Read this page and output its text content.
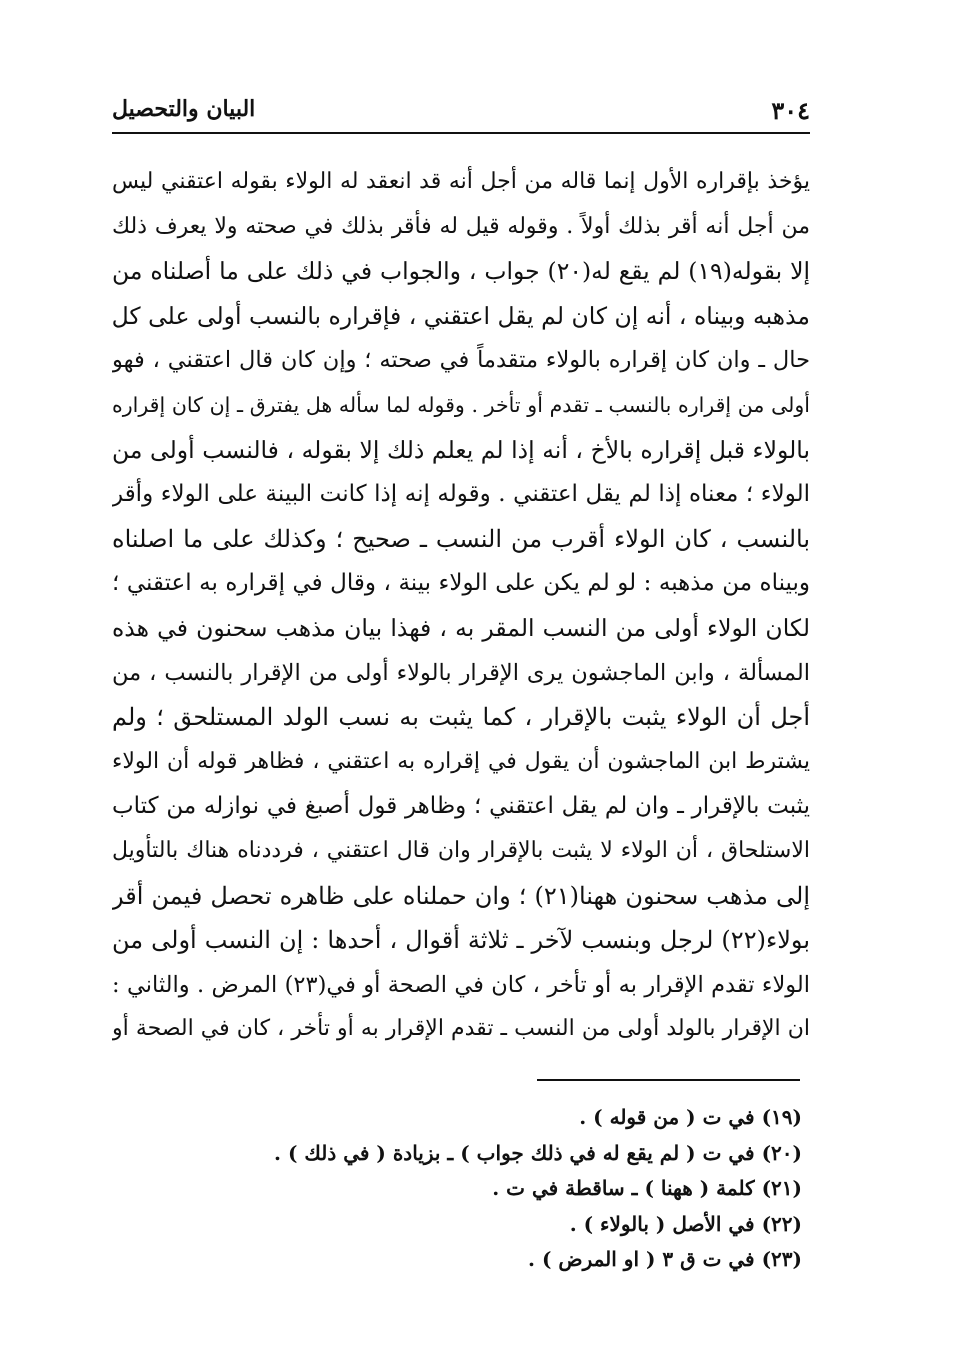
٣٠٤
البيان والتحصيل
يؤخذ بإقراره الأول إنما قاله من أجل أنه قد انعقد له الولاء بقوله اعتقني ليس
من أجل أنه أقر بذلك أولاً . وقوله قيل له فأقر بذلك في صحته ولا يعرف ذلك
إلا بقوله(١٩) لم يقع له(٢٠) جواب ، والجواب في ذلك على ما أصلناه من
مذهبه وبيناه ، أنه إن كان لم يقل اعتقني ، فإقراره بالنسب أولى على كل
حال ـ وان كان إقراره بالولاء متقدماً في صحته ؛ وإن كان قال اعتقني ، فهو
أولى من إقراره بالنسب ـ تقدم أو تأخر . وقوله لما سأله هل يفترق ـ إن كان إقراره
بالولاء قبل إقراره بالأخ ، أنه إذا لم يعلم ذلك إلا بقوله ، فالنسب أولى من
الولاء ؛ معناه إذا لم يقل اعتقني . وقوله إنه إذا كانت البينة على الولاء وأقر
بالنسب ، كان الولاء أقرب من النسب ـ صحيح ؛ وكذلك على ما اصلناه
وبيناه من مذهبه : لو لم يكن على الولاء بينة ، وقال في إقراره به اعتقني ؛
لكان الولاء أولى من النسب المقر به ، فهذا بيان مذهب سحنون في هذه
المسألة ، وابن الماجشون يرى الإقرار بالولاء أولى من الإقرار بالنسب ، من
أجل أن الولاء يثبت بالإقرار ، كما يثبت به نسب الولد المستلحق ؛ ولم
يشترط ابن الماجشون أن يقول في إقراره به اعتقني ، فظاهر قوله أن الولاء
يثبت بالإقرار ـ وان لم يقل اعتقني ؛ وظاهر قول أصبغ في نوازله من كتاب
الاستلحاق ، أن الولاء لا يثبت بالإقرار وان قال اعتقني ، فرددناه هناك بالتأويل
إلى مذهب سحنون ههنا(٢١) ؛ وان حملناه على ظاهره تحصل فيمن أقر
بولاء(٢٢) لرجل وبنسب لآخر ـ ثلاثة أقوال ، أحدها : إن النسب أولى من
الولاء تقدم الإقرار به أو تأخر ، كان في الصحة أو في(٢٣) المرض . والثاني :
ان الإقرار بالولد أولى من النسب ـ تقدم الإقرار به أو تأخر ، كان في الصحة أو
(١٩) في ت ( من قوله ) .
(٢٠) في ت ( لم يقع له في ذلك جواب ) ـ بزيادة ( في ذلك ) .
(٢١) كلمة ( ههنا ) ـ ساقطة في ت .
(٢٢) في الأصل ( بالولاء ) .
(٢٣) في ت ق ٣ ( او المرض ) .
